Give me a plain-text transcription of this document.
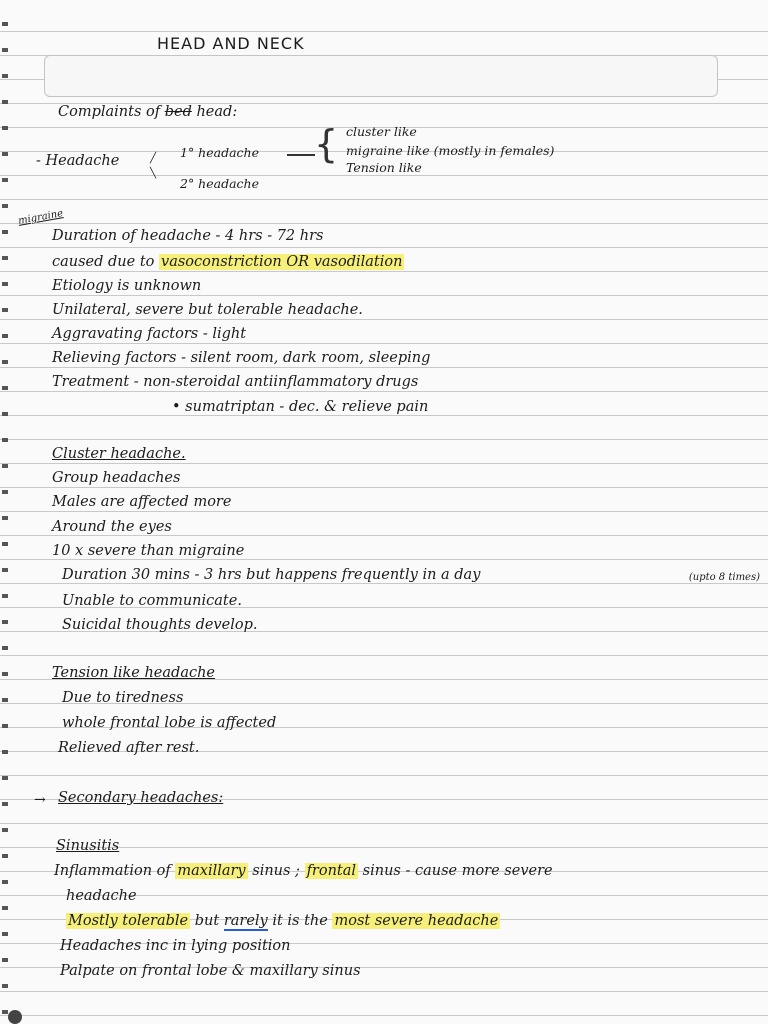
HEAD AND NECK
Complaints of bed head:
- Headache	╱
╲
1° headache
2° headache
{ cluster like
migraine like (mostly in females)
Tension like
migraine
Duration of headache - 4 hrs - 72 hrs
caused due to vasoconstriction OR vasodilation
Etiology is unknown
Unilateral, severe but tolerable headache.
Aggravating factors - light
Relieving factors - silent room, dark room, sleeping
Treatment - non-steroidal antiinflammatory drugs
• sumatriptan - dec. & relieve pain
Cluster headache.
Group headaches
Males are affected more
Around the eyes
10 x severe than migraine
Duration 30 mins - 3 hrs but happens frequently in a day	(upto 8 times)
Unable to communicate.
Suicidal thoughts develop.
Tension like headache
Due to tiredness
whole frontal lobe is affected
Relieved after rest.
→ Secondary headaches:
Sinusitis
Inflammation of maxillary sinus ; frontal sinus - cause more severe
headache
Mostly tolerable but rarely it is the most severe headache
Headaches inc in lying position
Palpate on frontal lobe & maxillary sinus
